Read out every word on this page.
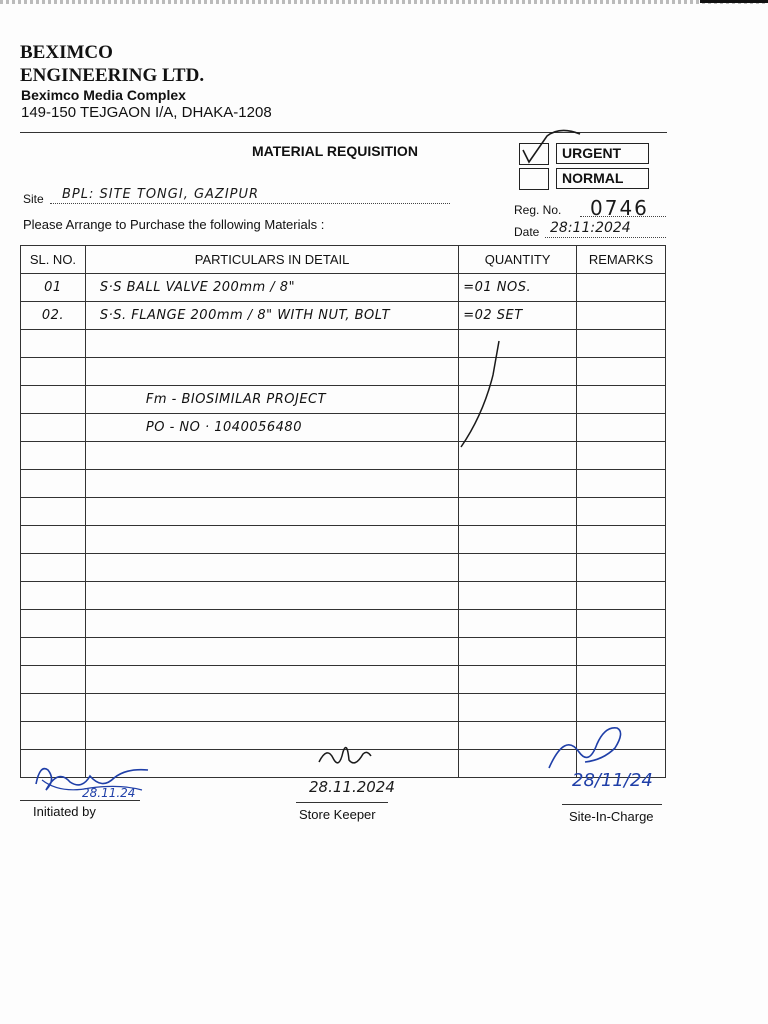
BEXIMCO
ENGINEERING LTD.
Beximco Media Complex
149-150 TEJGAON I/A, DHAKA-1208
MATERIAL REQUISITION	URGENT
NORMAL
Site BPL: SITE TONGI, GAZIPUR
Please Arrange to Purchase the following Materials :
Reg. No. 0746
Date 28:11:2024
SL. NO.	PARTICULARS IN DETAIL	QUANTITY	REMARKS
01	S·S BALL VALVE 200mm / 8"	=01 NOS.	
02.	S·S. FLANGE 200mm / 8" WITH NUT, BOLT	=02 SET	

	Fm - BIOSIMILAR PROJECT		
	PO - NO · 1040056480		

28.11.24
Initiated by
28.11.2024
Store Keeper
28/11/24
Site-In-Charge
